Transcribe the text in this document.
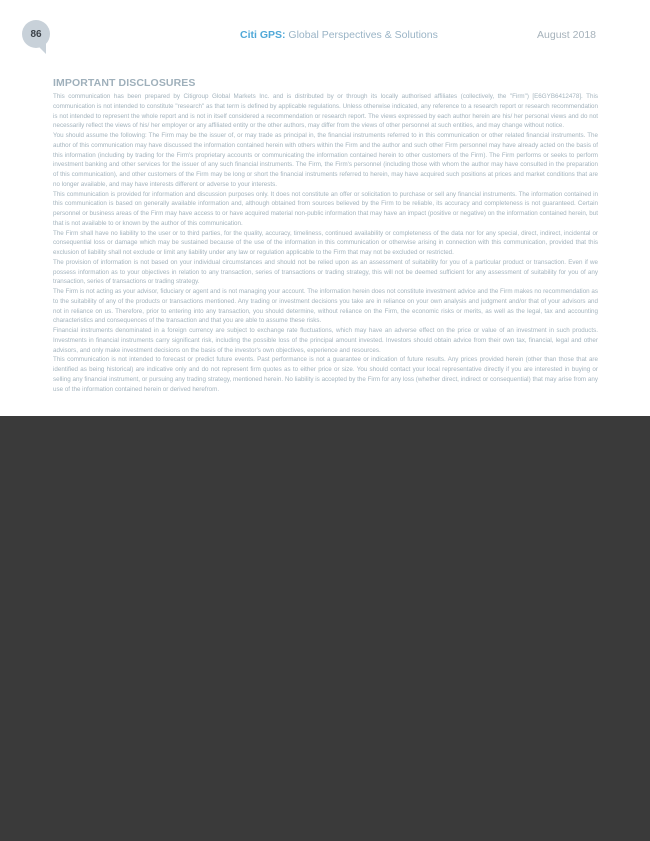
86	Citi GPS: Global Perspectives & Solutions	August 2018
IMPORTANT DISCLOSURES

This communication has been prepared by Citigroup Global Markets Inc. and is distributed by or through its locally authorised affiliates (collectively, the "Firm") [E6GYB6412478]. This communication is not intended to constitute "research" as that term is defined by applicable regulations. Unless otherwise indicated, any reference to a research report or research recommendation is not intended to represent the whole report and is not in itself considered a recommendation or research report. The views expressed by each author herein are his/ her personal views and do not necessarily reflect the views of his/ her employer or any affiliated entity or the other authors, may differ from the views of other personnel at such entities, and may change without notice.

You should assume the following: The Firm may be the issuer of, or may trade as principal in, the financial instruments referred to in this communication or other related financial instruments. The author of this communication may have discussed the information contained herein with others within the Firm and the author and such other Firm personnel may have already acted on the basis of this information (including by trading for the Firm's proprietary accounts or communicating the information contained herein to other customers of the Firm). The Firm performs or seeks to perform investment banking and other services for the issuer of any such financial instruments. The Firm, the Firm's personnel (including those with whom the author may have consulted in the preparation of this communication), and other customers of the Firm may be long or short the financial instruments referred to herein, may have acquired such positions at prices and market conditions that are no longer available, and may have interests different or adverse to your interests.

This communication is provided for information and discussion purposes only. It does not constitute an offer or solicitation to purchase or sell any financial instruments. The information contained in this communication is based on generally available information and, although obtained from sources believed by the Firm to be reliable, its accuracy and completeness is not guaranteed. Certain personnel or business areas of the Firm may have access to or have acquired material non-public information that may have an impact (positive or negative) on the information contained herein, but that is not available to or known by the author of this communication.

The Firm shall have no liability to the user or to third parties, for the quality, accuracy, timeliness, continued availability or completeness of the data nor for any special, direct, indirect, incidental or consequential loss or damage which may be sustained because of the use of the information in this communication or otherwise arising in connection with this communication, provided that this exclusion of liability shall not exclude or limit any liability under any law or regulation applicable to the Firm that may not be excluded or restricted.

The provision of information is not based on your individual circumstances and should not be relied upon as an assessment of suitability for you of a particular product or transaction. Even if we possess information as to your objectives in relation to any transaction, series of transactions or trading strategy, this will not be deemed sufficient for any assessment of suitability for you of any transaction, series of transactions or trading strategy.

The Firm is not acting as your advisor, fiduciary or agent and is not managing your account. The information herein does not constitute investment advice and the Firm makes no recommendation as to the suitability of any of the products or transactions mentioned. Any trading or investment decisions you take are in reliance on your own analysis and judgment and/or that of your advisors and not in reliance on us. Therefore, prior to entering into any transaction, you should determine, without reliance on the Firm, the economic risks or merits, as well as the legal, tax and accounting characteristics and consequences of the transaction and that you are able to assume these risks.

Financial instruments denominated in a foreign currency are subject to exchange rate fluctuations, which may have an adverse effect on the price or value of an investment in such products. Investments in financial instruments carry significant risk, including the possible loss of the principal amount invested. Investors should obtain advice from their own tax, financial, legal and other advisors, and only make investment decisions on the basis of the investor's own objectives, experience and resources.

This communication is not intended to forecast or predict future events. Past performance is not a guarantee or indication of future results. Any prices provided herein (other than those that are identified as being historical) are indicative only and do not represent firm quotes as to either price or size. You should contact your local representative directly if you are interested in buying or selling any financial instrument, or pursuing any trading strategy, mentioned herein. No liability is accepted by the Firm for any loss (whether direct, indirect or consequential) that may arise from any use of the information contained herein or derived herefrom.
